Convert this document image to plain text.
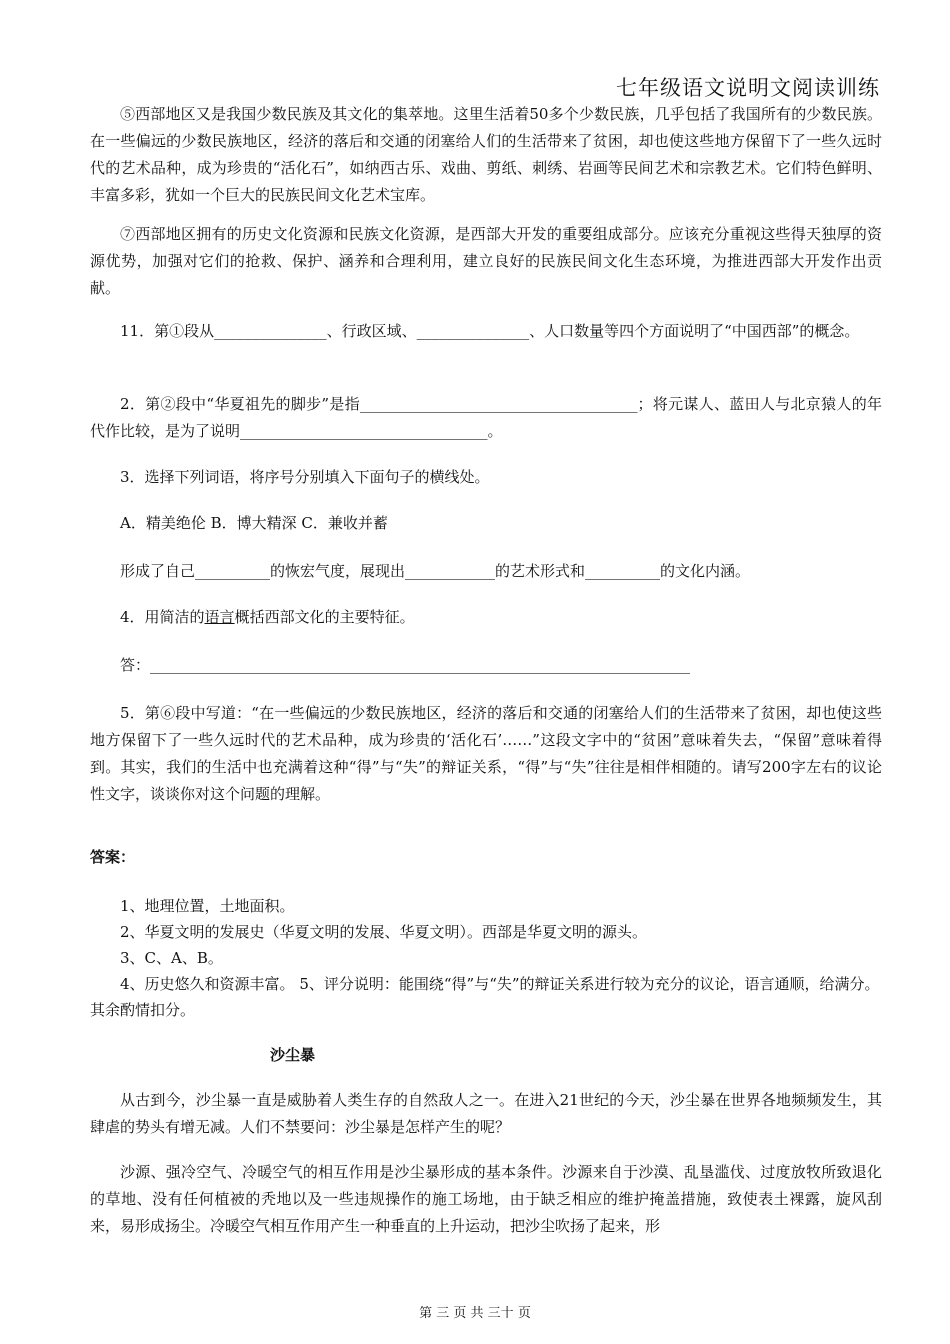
七年级语文说明文阅读训练
⑤西部地区又是我国少数民族及其文化的集萃地。这里生活着50多个少数民族，几乎包括了我国所有的少数民族。在一些偏远的少数民族地区，经济的落后和交通的闭塞给人们的生活带来了贫困，却也使这些地方保留下了一些久远时代的艺术品种，成为珍贵的“活化石”，如纳西古乐、戏曲、剪纸、刺绣、岩画等民间艺术和宗教艺术。它们特色鲜明、丰富多彩，犹如一个巨大的民族民间文化艺术宝库。
⑦西部地区拥有的历史文化资源和民族文化资源，是西部大开发的重要组成部分。应该充分重视这些得天独厚的资源优势，加强对它们的抢救、保护、涵养和合理利用，建立良好的民族民间文化生态环境，为推进西部大开发作出贡献。
11．第①段从_______________、行政区域、_______________、人口数量等四个方面说明了“中国西部”的概念。
2．第②段中“华夏祖先的脚步”是指_____________________________________；将元谋人、蓝田人与北京猿人的年代作比较，是为了说明_________________________________。
3．选择下列词语，将序号分别填入下面句子的横线处。
A．精美绝伦 B．博大精深 C．兼收并蓄
形成了自己__________的恢宏气度，展现出____________的艺术形式和__________的文化内涵。
4．用简洁的语言概括西部文化的主要特征。
答：________________________________________________________________________
5．第⑥段中写道：“在一些偏远的少数民族地区，经济的落后和交通的闭塞给人们的生活带来了贫困，却也使这些地方保留下了一些久远时代的艺术品种，成为珍贵的‘活化石’……”这段文字中的“贫困”意味着失去，“保留”意味着得到。其实，我们的生活中也充满着这种“得”与“失”的辩证关系，“得”与“失”往往是相伴相随的。请写200字左右的议论性文字，谈谈你对这个问题的理解。
答案：
1、地理位置，土地面积。
2、华夏文明的发展史（华夏文明的发展、华夏文明）。西部是华夏文明的源头。
3、C、A、B。
4、历史悠久和资源丰富。 5、评分说明：能围绕“得”与“失”的辩证关系进行较为充分的议论，语言通顺，给满分。其余酌情扣分。
沙尘暴
从古到今，沙尘暴一直是威胁着人类生存的自然敌人之一。在进入21世纪的今天，沙尘暴在世界各地频频发生，其肆虐的势头有增无减。人们不禁要问：沙尘暴是怎样产生的呢？
沙源、强冷空气、冷暖空气的相互作用是沙尘暴形成的基本条件。沙源来自于沙漠、乱垦滥伐、过度放牧所致退化的草地、没有任何植被的秃地以及一些违规操作的施工场地，由于缺乏相应的维护掩盖措施，致使表土裸露，旋风刮来，易形成扬尘。冷暖空气相互作用产生一种垂直的上升运动，把沙尘吹扬了起来，形
第 三 页 共 三十 页
